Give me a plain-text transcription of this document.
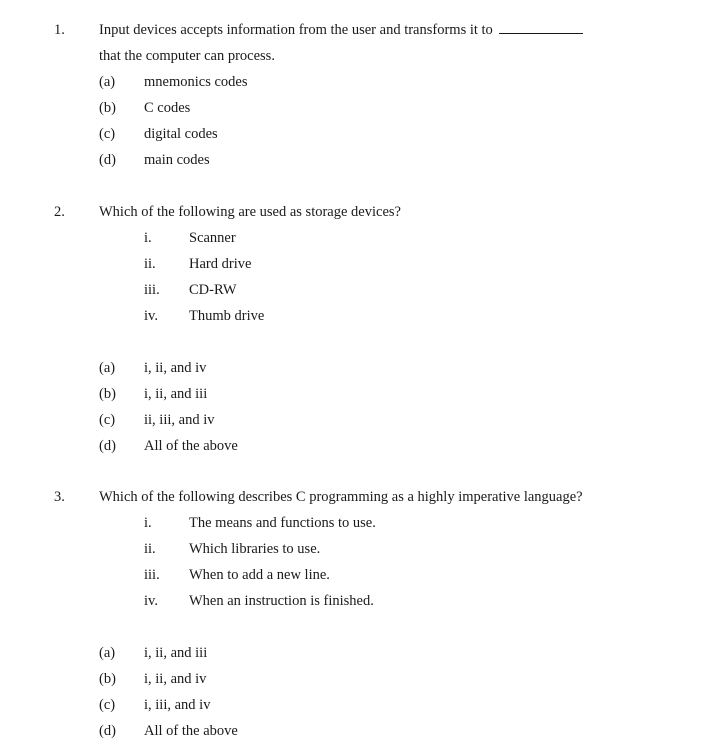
1. Input devices accepts information from the user and transforms it to
that the computer can process.
(a) mnemonics codes
(b) C codes
(c) digital codes
(d) main codes
2. Which of the following are used as storage devices?
i.	Scanner
ii. Hard drive
iii. CD-RW
iv. Thumb drive
(a) i, ii, and iv
(b) i, ii, and iii
(c) ii, iii, and iv
(d) All of the above
3. Which of the following describes C programming as a highly imperative language?
i.	The means and functions to use.
ii. Which libraries to use.
iii. When to add a new line.
iv. When an instruction is finished.
(a) i, ii, and iii
(b) i, ii, and iv
(c) i, iii, and iv
(d) All of the above
